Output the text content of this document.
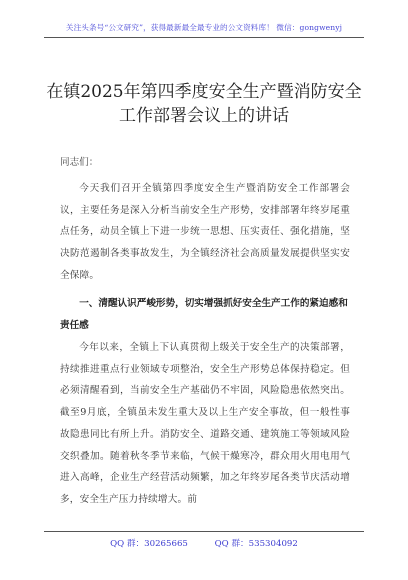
关注头条号“公文研究”，获得最新最全最专业的公文资料库！ 微信：gongwenyj
在镇2025年第四季度安全生产暨消防安全工作部署会议上的讲话
同志们：
今天我们召开全镇第四季度安全生产暨消防安全工作部署会议，主要任务是深入分析当前安全生产形势，安排部署年终岁尾重点任务，动员全镇上下进一步统一思想、压实责任、强化措施，坚决防范遏制各类事故发生，为全镇经济社会高质量发展提供坚实安全保障。
一、清醒认识严峻形势，切实增强抓好安全生产工作的紧迫感和责任感
今年以来，全镇上下认真贯彻上级关于安全生产的决策部署，持续推进重点行业领域专项整治，安全生产形势总体保持稳定。但必须清醒看到，当前安全生产基础仍不牢固，风险隐患依然突出。截至9月底，全镇虽未发生重大及以上生产安全事故，但一般性事故隐患同比有所上升。消防安全、道路交通、建筑施工等领域风险交织叠加。随着秋冬季节来临，气候干燥寒冷，群众用火用电用气进入高峰，企业生产经营活动频繁，加之年终岁尾各类节庆活动增多，安全生产压力持续增大。前
QQ 群：30265665	QQ 群：535304092
